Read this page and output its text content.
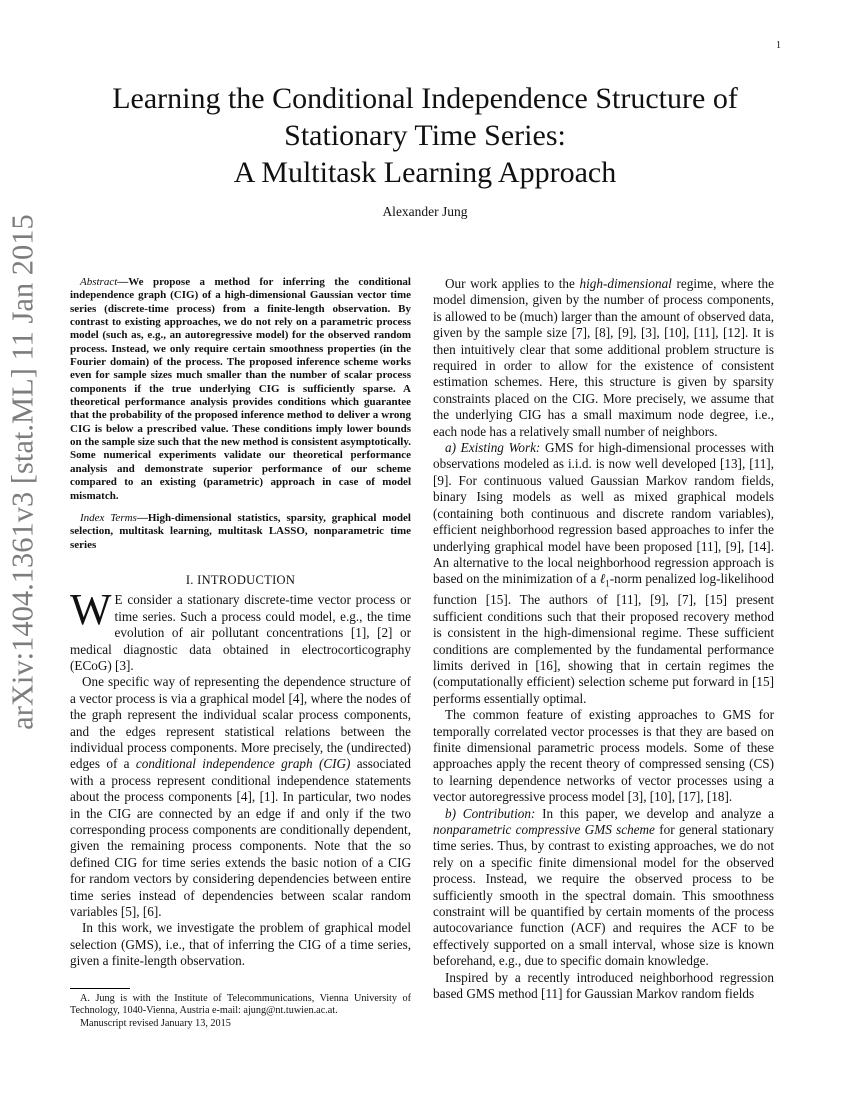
1
arXiv:1404.1361v3 [stat.ML] 11 Jan 2015
Learning the Conditional Independence Structure of
Stationary Time Series:
A Multitask Learning Approach
Alexander Jung

Abstract—We propose a method for inferring the conditional independence graph (CIG) of a high-dimensional Gaussian vector time series (discrete-time process) from a finite-length observation. By contrast to existing approaches, we do not rely on a parametric process model (such as, e.g., an autoregressive model) for the observed random process. Instead, we only require certain smoothness properties (in the Fourier domain) of the process. The proposed inference scheme works even for sample sizes much smaller than the number of scalar process components if the true underlying CIG is sufficiently sparse. A theoretical performance analysis provides conditions which guarantee that the probability of the proposed inference method to deliver a wrong CIG is below a prescribed value. These conditions imply lower bounds on the sample size such that the new method is consistent asymptotically. Some numerical experiments validate our theoretical performance analysis and demonstrate superior performance of our scheme compared to an existing (parametric) approach in case of model mismatch.

Index Terms—High-dimensional statistics, sparsity, graphical model selection, multitask learning, multitask LASSO, nonparametric time series

I. INTRODUCTION

W E consider a stationary discrete-time vector process or time series. Such a process could model, e.g., the time evolution of air pollutant concentrations [1], [2] or medical diagnostic data obtained in electrocorticography (ECoG) [3].

One specific way of representing the dependence structure of a vector process is via a graphical model [4], where the nodes of the graph represent the individual scalar process components, and the edges represent statistical relations between the individual process components. More precisely, the (undirected) edges of a conditional independence graph (CIG) associated with a process represent conditional independence statements about the process components [4], [1]. In particular, two nodes in the CIG are connected by an edge if and only if the two corresponding process components are conditionally dependent, given the remaining process components. Note that the so defined CIG for time series extends the basic notion of a CIG for random vectors by considering dependencies between entire time series instead of dependencies between scalar random variables [5], [6].

In this work, we investigate the problem of graphical model selection (GMS), i.e., that of inferring the CIG of a time series, given a finite-length observation.

A. Jung is with the Institute of Telecommunications, Vienna University of Technology, 1040-Vienna, Austria e-mail: ajung@nt.tuwien.ac.at.

Manuscript revised January 13, 2015

Our work applies to the high-dimensional regime, where the model dimension, given by the number of process components, is allowed to be (much) larger than the amount of observed data, given by the sample size [7], [8], [9], [3], [10], [11], [12]. It is then intuitively clear that some additional problem structure is required in order to allow for the existence of consistent estimation schemes. Here, this structure is given by sparsity constraints placed on the CIG. More precisely, we assume that the underlying CIG has a small maximum node degree, i.e., each node has a relatively small number of neighbors.

a) Existing Work: GMS for high-dimensional processes with observations modeled as i.i.d. is now well developed [13], [11], [9]. For continuous valued Gaussian Markov random fields, binary Ising models as well as mixed graphical models (containing both continuous and discrete random variables), efficient neighborhood regression based approaches to infer the underlying graphical model have been proposed [11], [9], [14]. An alternative to the local neighborhood regression approach is based on the minimization of a ℓ$_1$-norm penalized log-likelihood function [15]. The authors of [11], [9], [7], [15] present sufficient conditions such that their proposed recovery method is consistent in the high-dimensional regime. These sufficient conditions are complemented by the fundamental performance limits derived in [16], showing that in certain regimes the (computationally efficient) selection scheme put forward in [15] performs essentially optimal.

The common feature of existing approaches to GMS for temporally correlated vector processes is that they are based on finite dimensional parametric process models. Some of these approaches apply the recent theory of compressed sensing (CS) to learning dependence networks of vector processes using a vector autoregressive process model [3], [10], [17], [18].

b) Contribution: In this paper, we develop and analyze a nonparametric compressive GMS scheme for general stationary time series. Thus, by contrast to existing approaches, we do not rely on a specific finite dimensional model for the observed process. Instead, we require the observed process to be sufficiently smooth in the spectral domain. This smoothness constraint will be quantified by certain moments of the process autocovariance function (ACF) and requires the ACF to be effectively supported on a small interval, whose size is known beforehand, e.g., due to specific domain knowledge.

Inspired by a recently introduced neighborhood regression based GMS method [11] for Gaussian Markov random fields
